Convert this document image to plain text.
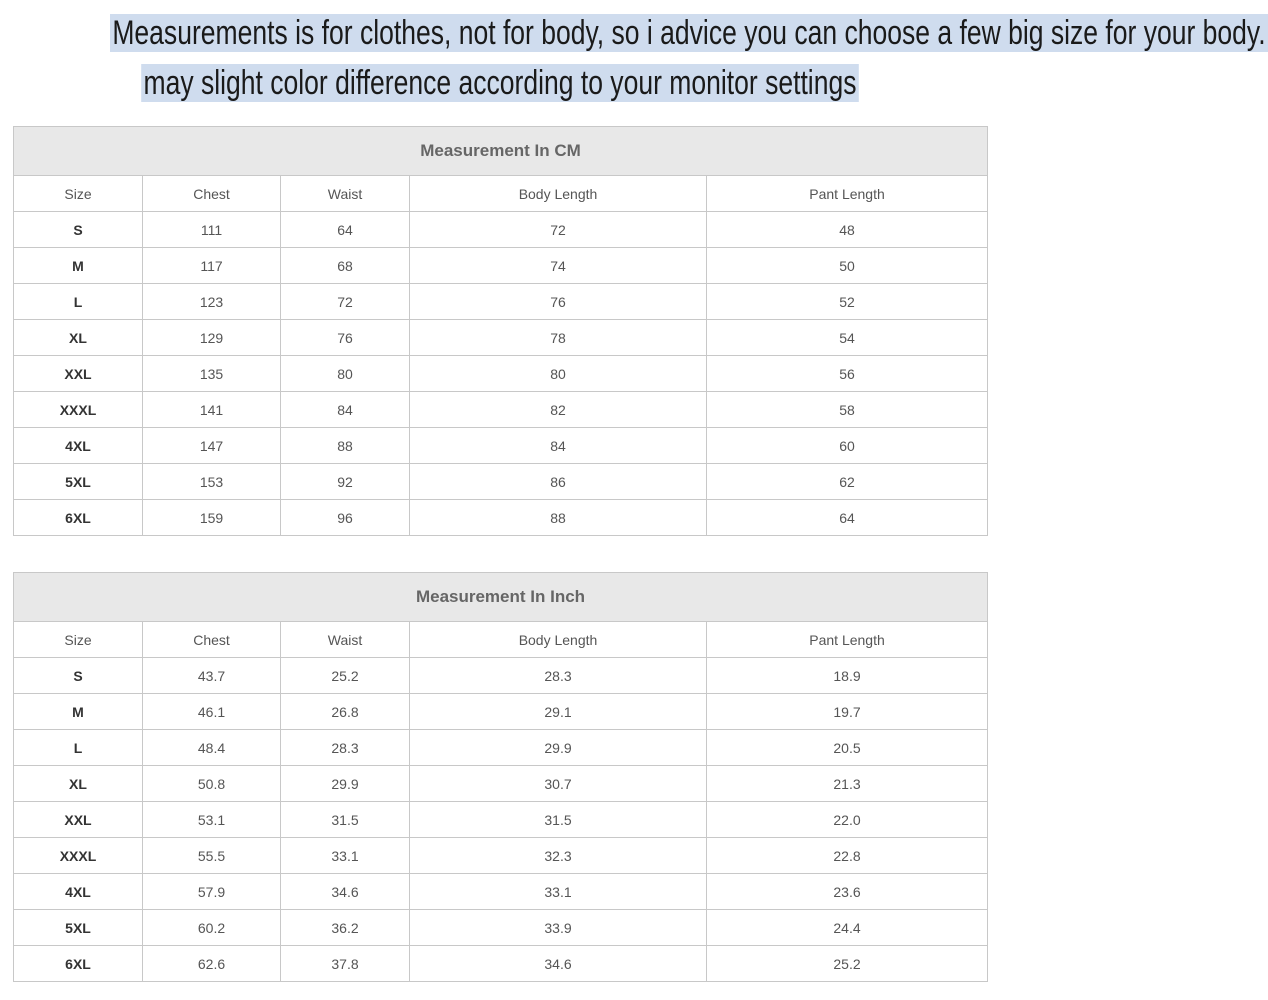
Measurements is for clothes, not for body, so i advice you can choose a few big size for your body.
may slight color difference according to your monitor settings
Measurement In CM				
Size	Chest	Waist	Body Length	Pant Length
S	111	64	72	48
M	117	68	74	50
L	123	72	76	52
XL	129	76	78	54
XXL	135	80	80	56
XXXL	141	84	82	58
4XL	147	88	84	60
5XL	153	92	86	62
6XL	159	96	88	64
Measurement In Inch				
Size	Chest	Waist	Body Length	Pant Length
S	43.7	25.2	28.3	18.9
M	46.1	26.8	29.1	19.7
L	48.4	28.3	29.9	20.5
XL	50.8	29.9	30.7	21.3
XXL	53.1	31.5	31.5	22.0
XXXL	55.5	33.1	32.3	22.8
4XL	57.9	34.6	33.1	23.6
5XL	60.2	36.2	33.9	24.4
6XL	62.6	37.8	34.6	25.2
